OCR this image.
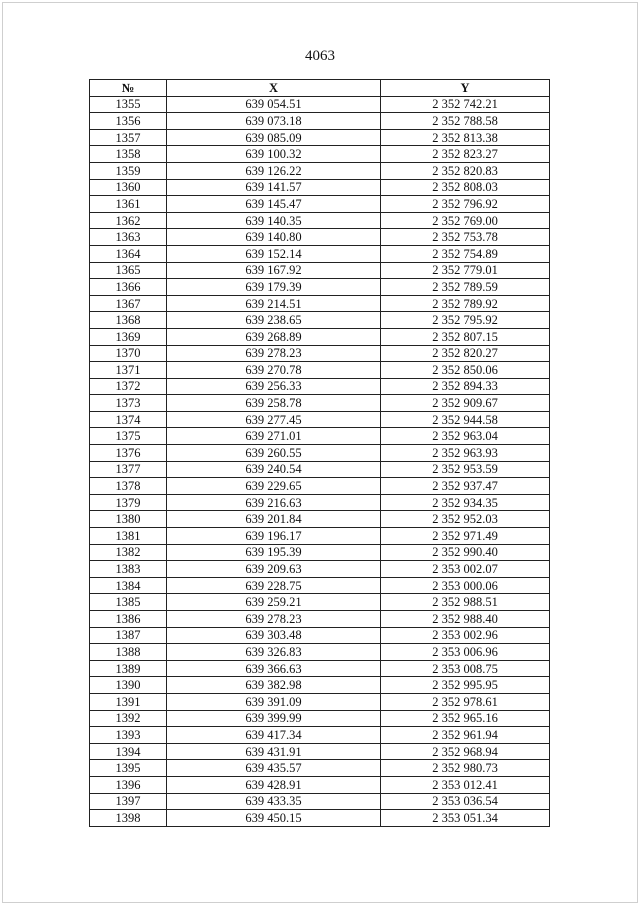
4063
№	X	Y
1355	639 054.51	2 352 742.21
1356	639 073.18	2 352 788.58
1357	639 085.09	2 352 813.38
1358	639 100.32	2 352 823.27
1359	639 126.22	2 352 820.83
1360	639 141.57	2 352 808.03
1361	639 145.47	2 352 796.92
1362	639 140.35	2 352 769.00
1363	639 140.80	2 352 753.78
1364	639 152.14	2 352 754.89
1365	639 167.92	2 352 779.01
1366	639 179.39	2 352 789.59
1367	639 214.51	2 352 789.92
1368	639 238.65	2 352 795.92
1369	639 268.89	2 352 807.15
1370	639 278.23	2 352 820.27
1371	639 270.78	2 352 850.06
1372	639 256.33	2 352 894.33
1373	639 258.78	2 352 909.67
1374	639 277.45	2 352 944.58
1375	639 271.01	2 352 963.04
1376	639 260.55	2 352 963.93
1377	639 240.54	2 352 953.59
1378	639 229.65	2 352 937.47
1379	639 216.63	2 352 934.35
1380	639 201.84	2 352 952.03
1381	639 196.17	2 352 971.49
1382	639 195.39	2 352 990.40
1383	639 209.63	2 353 002.07
1384	639 228.75	2 353 000.06
1385	639 259.21	2 352 988.51
1386	639 278.23	2 352 988.40
1387	639 303.48	2 353 002.96
1388	639 326.83	2 353 006.96
1389	639 366.63	2 353 008.75
1390	639 382.98	2 352 995.95
1391	639 391.09	2 352 978.61
1392	639 399.99	2 352 965.16
1393	639 417.34	2 352 961.94
1394	639 431.91	2 352 968.94
1395	639 435.57	2 352 980.73
1396	639 428.91	2 353 012.41
1397	639 433.35	2 353 036.54
1398	639 450.15	2 353 051.34
